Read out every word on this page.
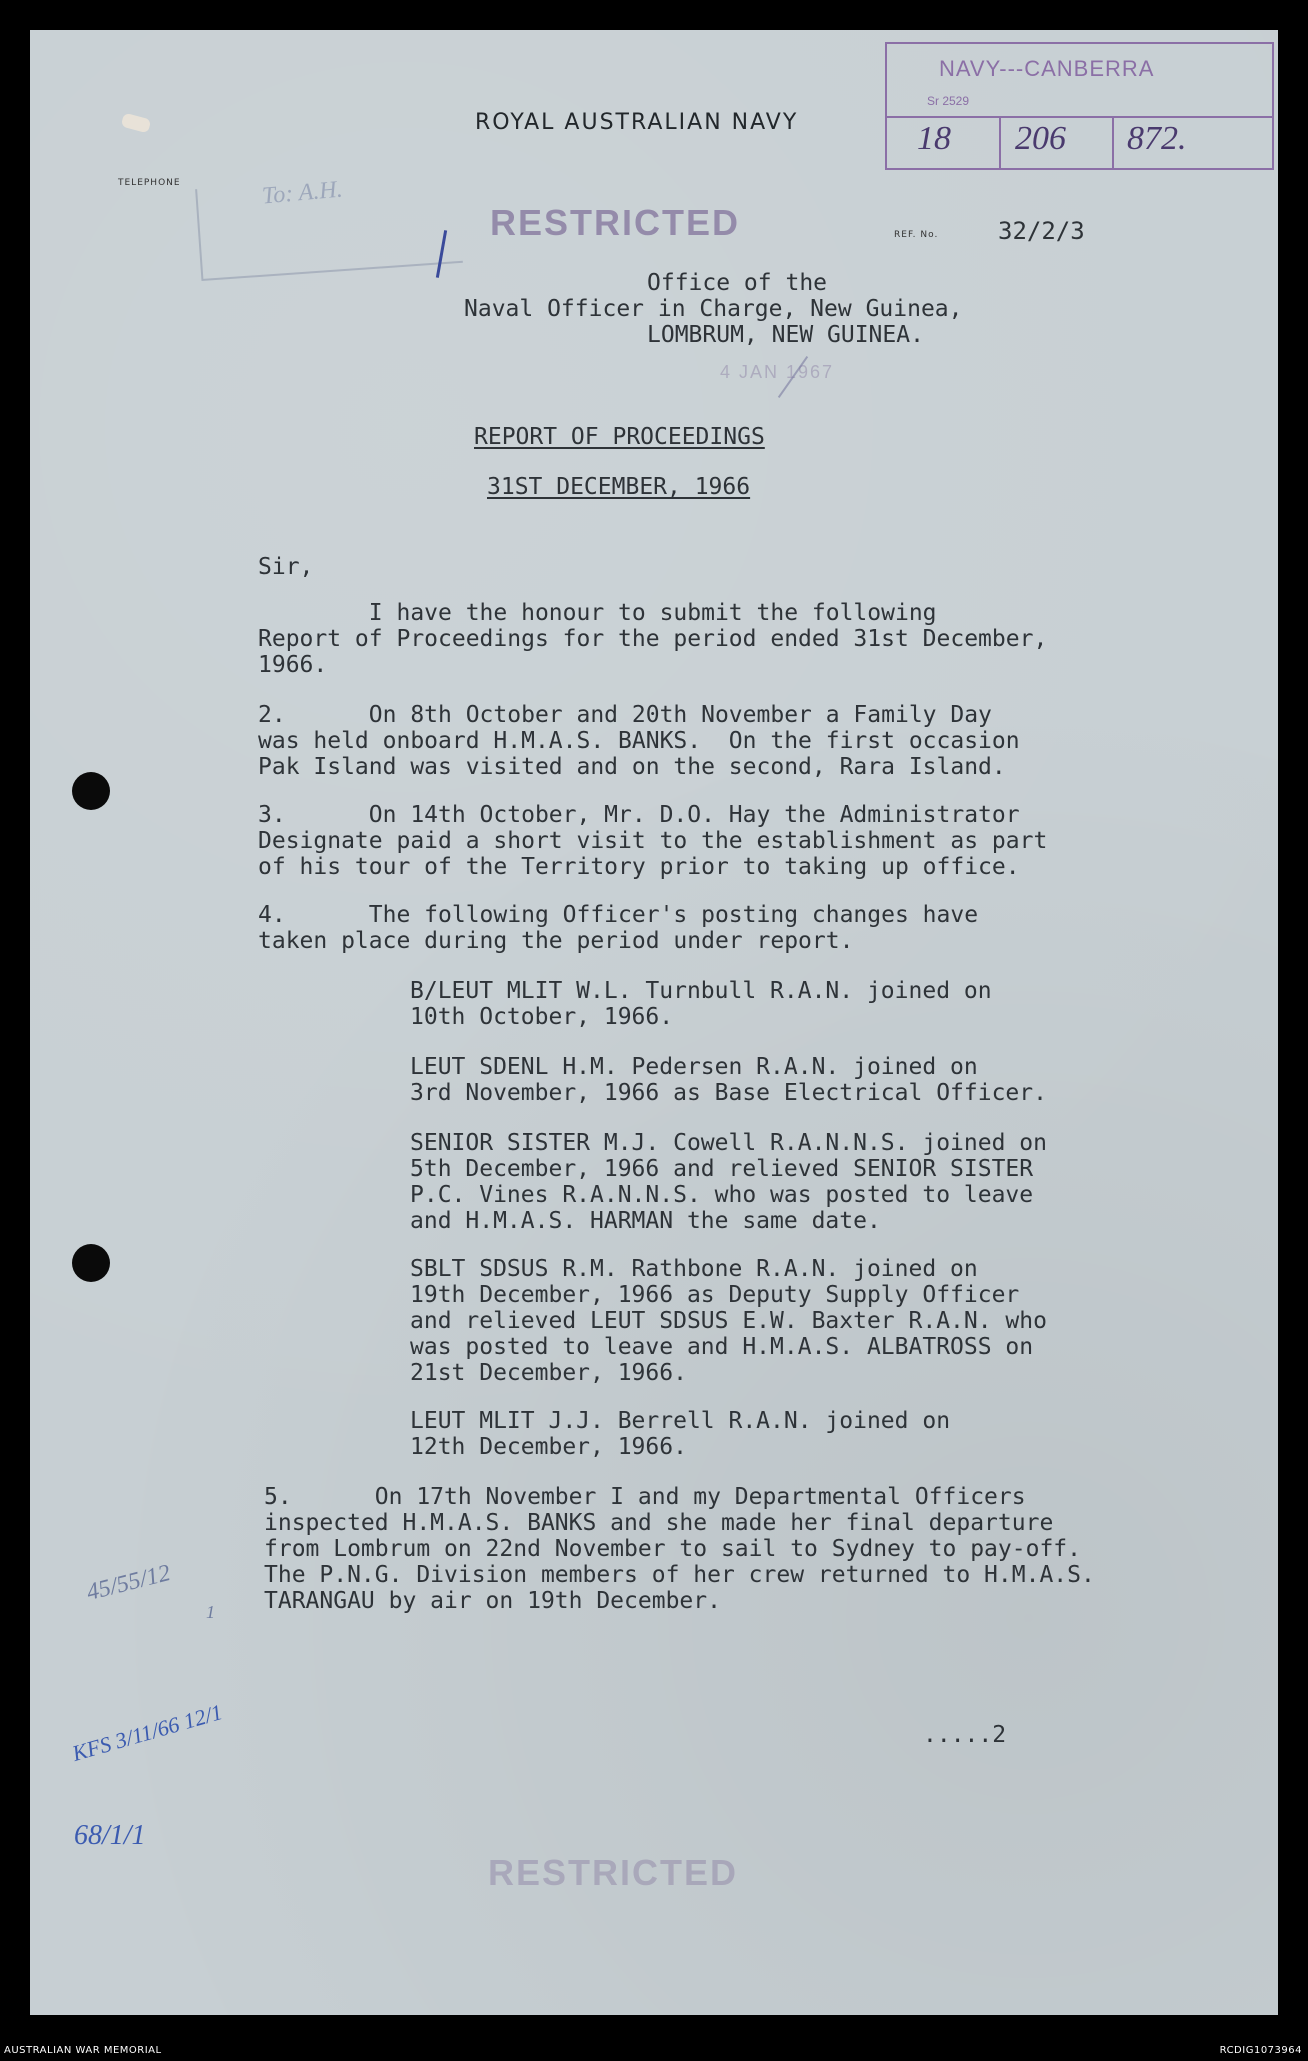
TELEPHONE
ROYAL AUSTRALIAN NAVY
NAVY---CANBERRA
Sr 2529
18 206 872.
To: A.H.
RESTRICTED	REF. No. 32/2/3
Office of the
Naval Officer in Charge, New Guinea,
LOMBRUM, NEW GUINEA.
4 JAN 1967
REPORT OF PROCEEDINGS
31ST DECEMBER, 1966
Sir,

I have the honour to submit the following

Report of Proceedings for the period ended 31st December,

1966.

2.      On 8th October and 20th November a Family Day

was held onboard H.M.A.S. BANKS.  On the first occasion

Pak Island was visited and on the second, Rara Island.

3.      On 14th October, Mr. D.O. Hay the Administrator

Designate paid a short visit to the establishment as part

of his tour of the Territory prior to taking up office.

4.      The following Officer's posting changes have

taken place during the period under report.

B/LEUT MLIT W.L. Turnbull R.A.N. joined on

10th October, 1966.

LEUT SDENL H.M. Pedersen R.A.N. joined on

3rd November, 1966 as Base Electrical Officer.

SENIOR SISTER M.J. Cowell R.A.N.N.S. joined on

5th December, 1966 and relieved SENIOR SISTER

P.C. Vines R.A.N.N.S. who was posted to leave

and H.M.A.S. HARMAN the same date.

SBLT SDSUS R.M. Rathbone R.A.N. joined on

19th December, 1966 as Deputy Supply Officer

and relieved LEUT SDSUS E.W. Baxter R.A.N. who

was posted to leave and H.M.A.S. ALBATROSS on

21st December, 1966.

LEUT MLIT J.J. Berrell R.A.N. joined on

12th December, 1966.

5.      On 17th November I and my Departmental Officers

inspected H.M.A.S. BANKS and she made her final departure

from Lombrum on 22nd November to sail to Sydney to pay-off.

The P.N.G. Division members of her crew returned to H.M.A.S.

TARANGAU by air on 19th December.

.....2
45/55/12
1
KFS 3/11/66 12/1
68/1/1
RESTRICTED
AUSTRALIAN WAR MEMORIAL	RCDIG1073964
